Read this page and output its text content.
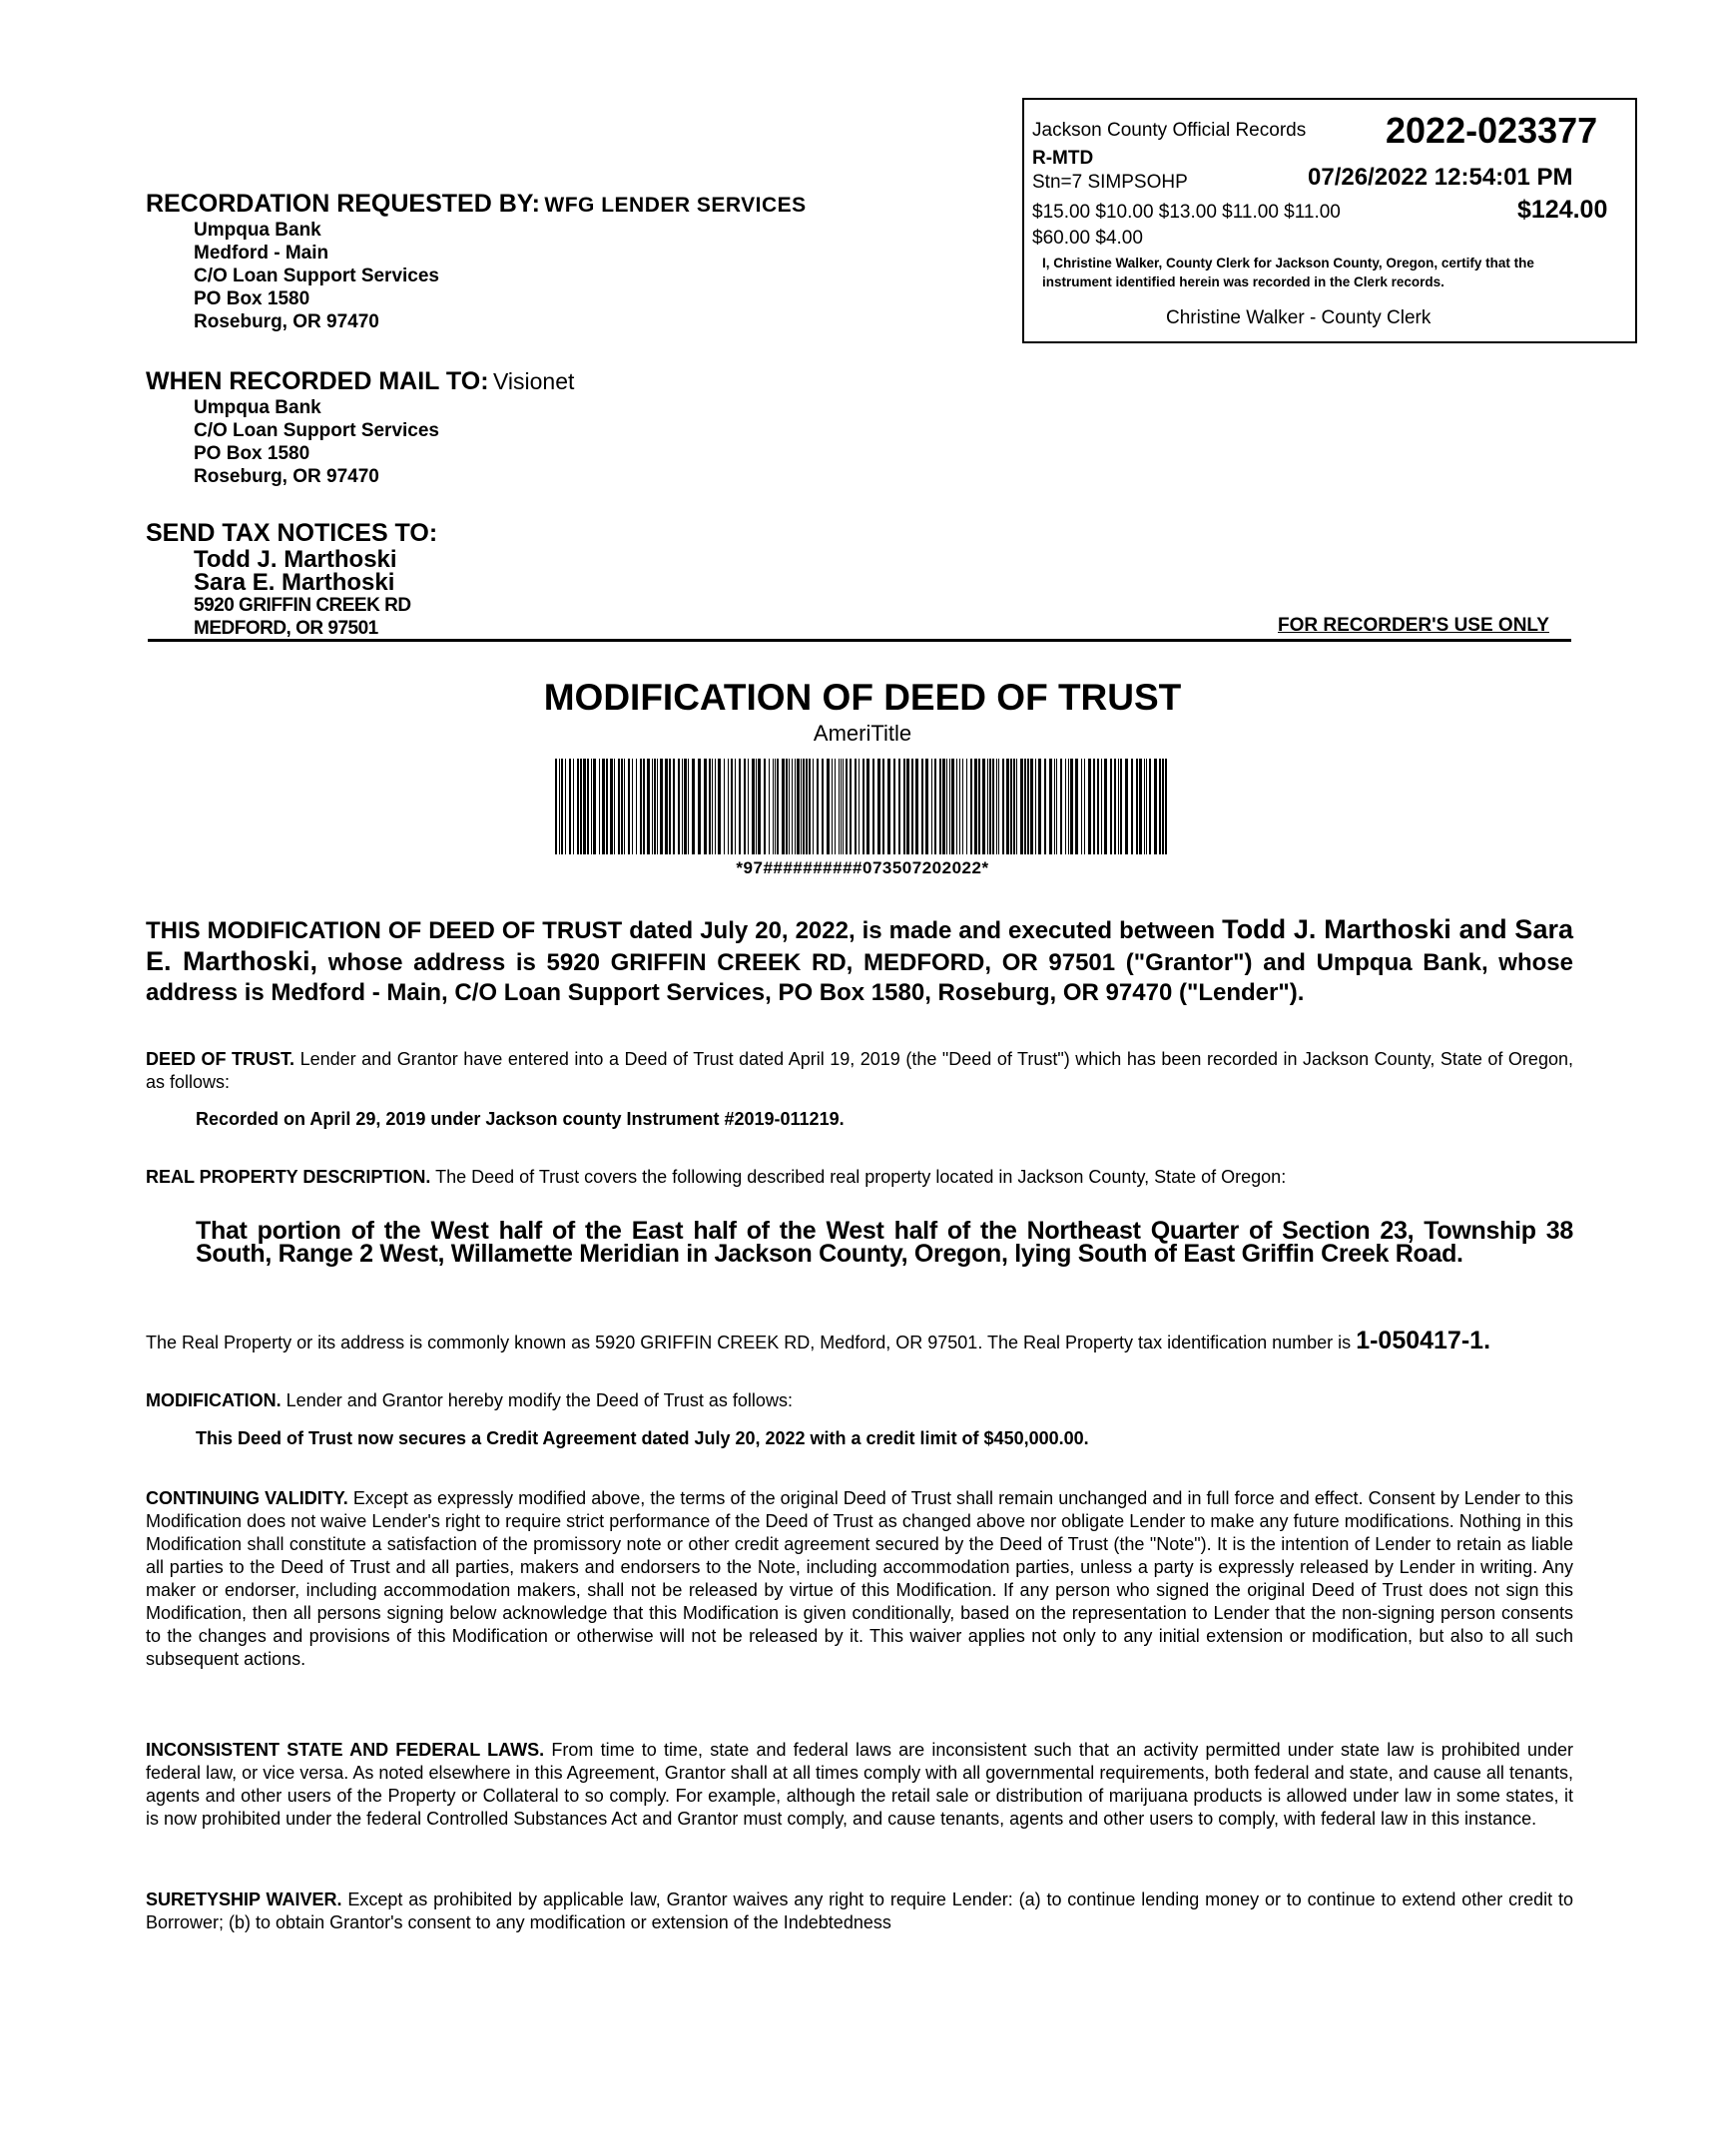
Jackson County Official Records 2022-023377
R-MTD
Stn=7 SIMPSOHP	07/26/2022 12:54:01 PM
$15.00 $10.00 $13.00 $11.00 $11.00	$124.00
$60.00 $4.00
I, Christine Walker, County Clerk for Jackson County, Oregon, certify that the instrument identified herein was recorded in the Clerk records.
Christine Walker - County Clerk
RECORDATION REQUESTED BY: WFG LENDER SERVICES
Umpqua Bank
Medford - Main
C/O Loan Support Services
PO Box 1580
Roseburg, OR 97470
WHEN RECORDED MAIL TO: Visionet
Umpqua Bank
C/O Loan Support Services
PO Box 1580
Roseburg, OR 97470
SEND TAX NOTICES TO:
Todd J. Marthoski
Sara E. Marthoski
5920 GRIFFIN CREEK RD
MEDFORD, OR 97501	FOR RECORDER'S USE ONLY
MODIFICATION OF DEED OF TRUST
AmeriTitle
*97##########073507202022*
THIS MODIFICATION OF DEED OF TRUST dated July 20, 2022, is made and executed between Todd J. Marthoski and Sara E. Marthoski, whose address is 5920 GRIFFIN CREEK RD, MEDFORD, OR 97501 ("Grantor") and Umpqua Bank, whose address is Medford - Main, C/O Loan Support Services, PO Box 1580, Roseburg, OR 97470 ("Lender").
DEED OF TRUST. Lender and Grantor have entered into a Deed of Trust dated April 19, 2019 (the "Deed of Trust") which has been recorded in Jackson County, State of Oregon, as follows:
Recorded on April 29, 2019 under Jackson county Instrument #2019-011219.
REAL PROPERTY DESCRIPTION. The Deed of Trust covers the following described real property located in Jackson County, State of Oregon:
That portion of the West half of the East half of the West half of the Northeast Quarter of Section 23, Township 38 South, Range 2 West, Willamette Meridian in Jackson County, Oregon, lying South of East Griffin Creek Road.
The Real Property or its address is commonly known as 5920 GRIFFIN CREEK RD, Medford, OR 97501. The Real Property tax identification number is 1-050417-1.
MODIFICATION. Lender and Grantor hereby modify the Deed of Trust as follows:
This Deed of Trust now secures a Credit Agreement dated July 20, 2022 with a credit limit of $450,000.00.
CONTINUING VALIDITY. Except as expressly modified above, the terms of the original Deed of Trust shall remain unchanged and in full force and effect. Consent by Lender to this Modification does not waive Lender's right to require strict performance of the Deed of Trust as changed above nor obligate Lender to make any future modifications. Nothing in this Modification shall constitute a satisfaction of the promissory note or other credit agreement secured by the Deed of Trust (the "Note"). It is the intention of Lender to retain as liable all parties to the Deed of Trust and all parties, makers and endorsers to the Note, including accommodation parties, unless a party is expressly released by Lender in writing. Any maker or endorser, including accommodation makers, shall not be released by virtue of this Modification. If any person who signed the original Deed of Trust does not sign this Modification, then all persons signing below acknowledge that this Modification is given conditionally, based on the representation to Lender that the non-signing person consents to the changes and provisions of this Modification or otherwise will not be released by it. This waiver applies not only to any initial extension or modification, but also to all such subsequent actions.
INCONSISTENT STATE AND FEDERAL LAWS. From time to time, state and federal laws are inconsistent such that an activity permitted under state law is prohibited under federal law, or vice versa. As noted elsewhere in this Agreement, Grantor shall at all times comply with all governmental requirements, both federal and state, and cause all tenants, agents and other users of the Property or Collateral to so comply. For example, although the retail sale or distribution of marijuana products is allowed under law in some states, it is now prohibited under the federal Controlled Substances Act and Grantor must comply, and cause tenants, agents and other users to comply, with federal law in this instance.
SURETYSHIP WAIVER. Except as prohibited by applicable law, Grantor waives any right to require Lender: (a) to continue lending money or to continue to extend other credit to Borrower; (b) to obtain Grantor's consent to any modification or extension of the Indebtedness
